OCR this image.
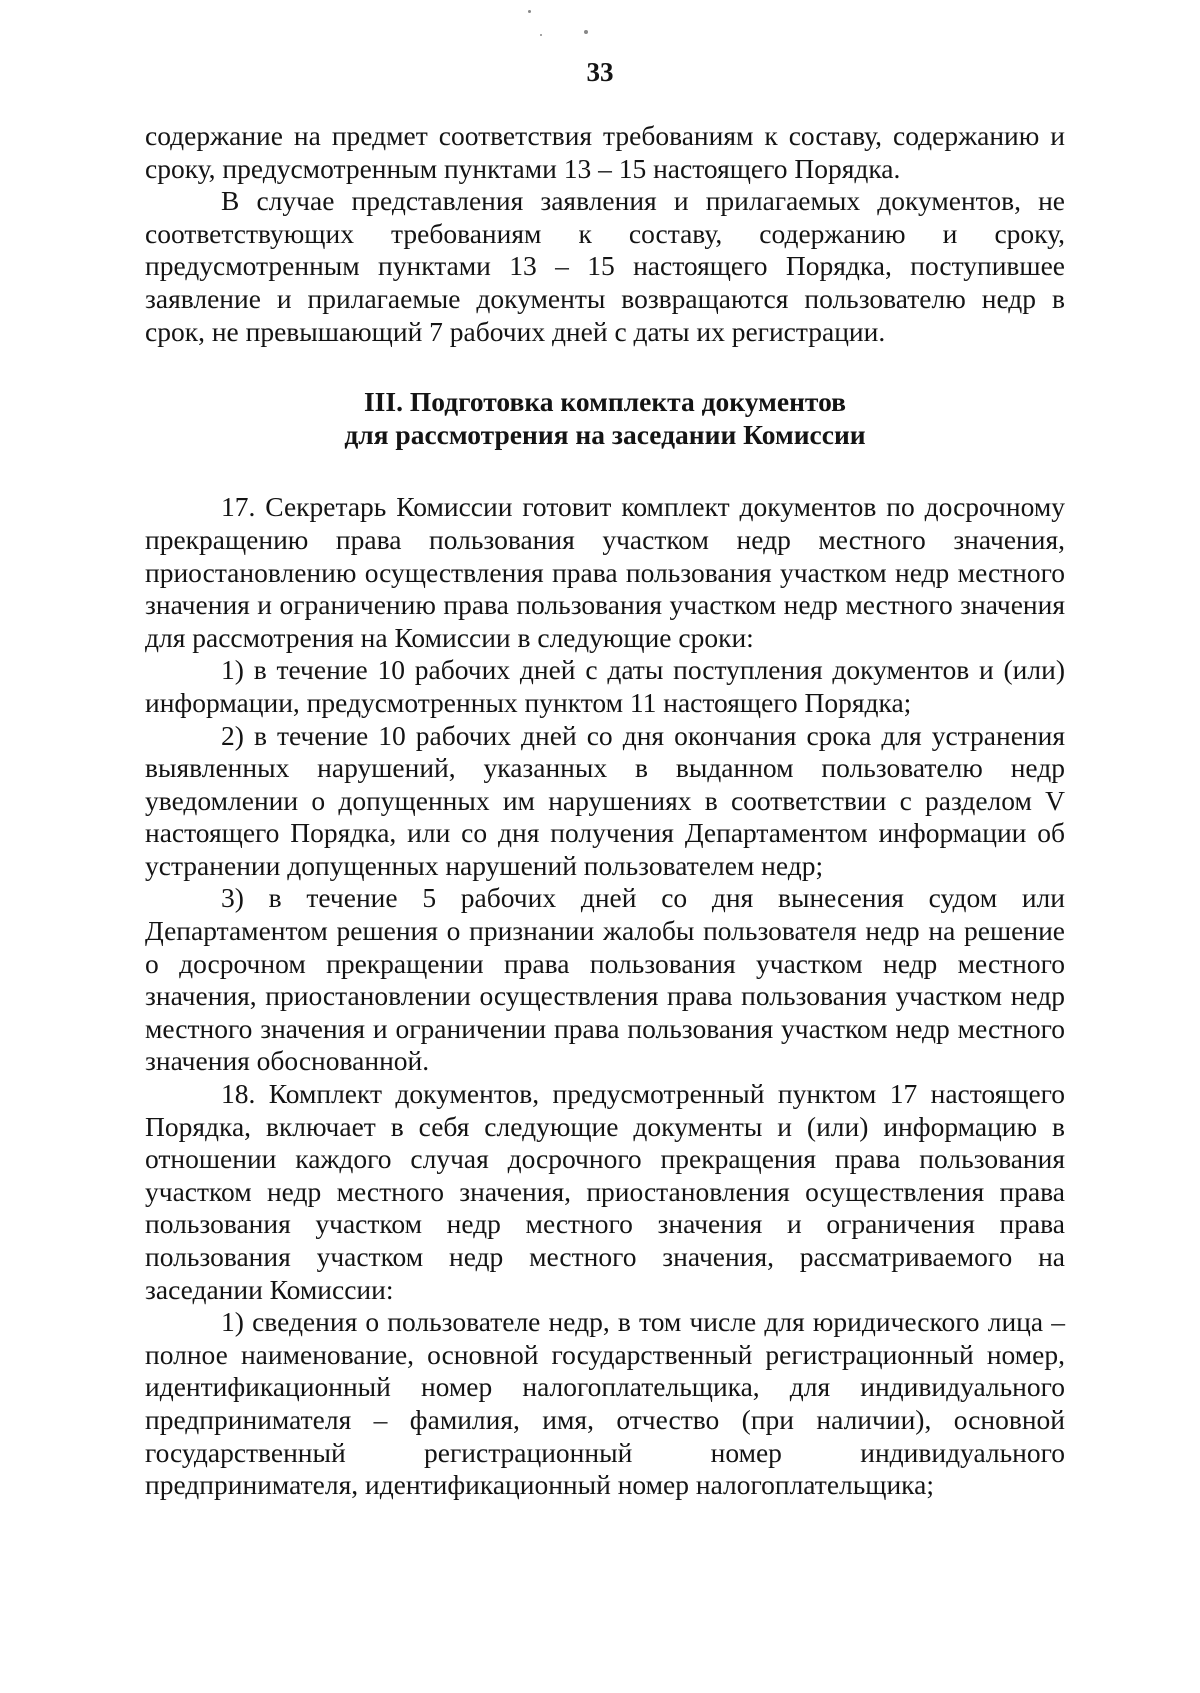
33

содержание на предмет соответствия требованиям к составу, содержанию и сроку, предусмотренным пунктами 13 – 15 настоящего Порядка.

В случае представления заявления и прилагаемых документов, не соответствующих требованиям к составу, содержанию и сроку, предусмотренным пунктами 13 – 15 настоящего Порядка, поступившее заявление и прилагаемые документы возвращаются пользователю недр в срок, не превышающий 7 рабочих дней с даты их регистрации.

III. Подготовка комплекта документов
для рассмотрения на заседании Комиссии

17. Секретарь Комиссии готовит комплект документов по досрочному прекращению права пользования участком недр местного значения, приостановлению осуществления права пользования участком недр местного значения и ограничению права пользования участком недр местного значения для рассмотрения на Комиссии в следующие сроки:

1) в течение 10 рабочих дней с даты поступления документов и (или) информации, предусмотренных пунктом 11 настоящего Порядка;

2) в течение 10 рабочих дней со дня окончания срока для устранения выявленных нарушений, указанных в выданном пользователю недр уведомлении о допущенных им нарушениях в соответствии с разделом V настоящего Порядка, или со дня получения Департаментом информации об устранении допущенных нарушений пользователем недр;

3) в течение 5 рабочих дней со дня вынесения судом или Департаментом решения о признании жалобы пользователя недр на решение о досрочном прекращении права пользования участком недр местного значения, приостановлении осуществления права пользования участком недр местного значения и ограничении права пользования участком недр местного значения обоснованной.

18. Комплект документов, предусмотренный пунктом 17 настоящего Порядка, включает в себя следующие документы и (или) информацию в отношении каждого случая досрочного прекращения права пользования участком недр местного значения, приостановления осуществления права пользования участком недр местного значения и ограничения права пользования участком недр местного значения, рассматриваемого на заседании Комиссии:

1) сведения о пользователе недр, в том числе для юридического лица – полное наименование, основной государственный регистрационный номер, идентификационный номер налогоплательщика, для индивидуального предпринимателя – фамилия, имя, отчество (при наличии), основной государственный регистрационный номер индивидуального предпринимателя, идентификационный номер налогоплательщика;
